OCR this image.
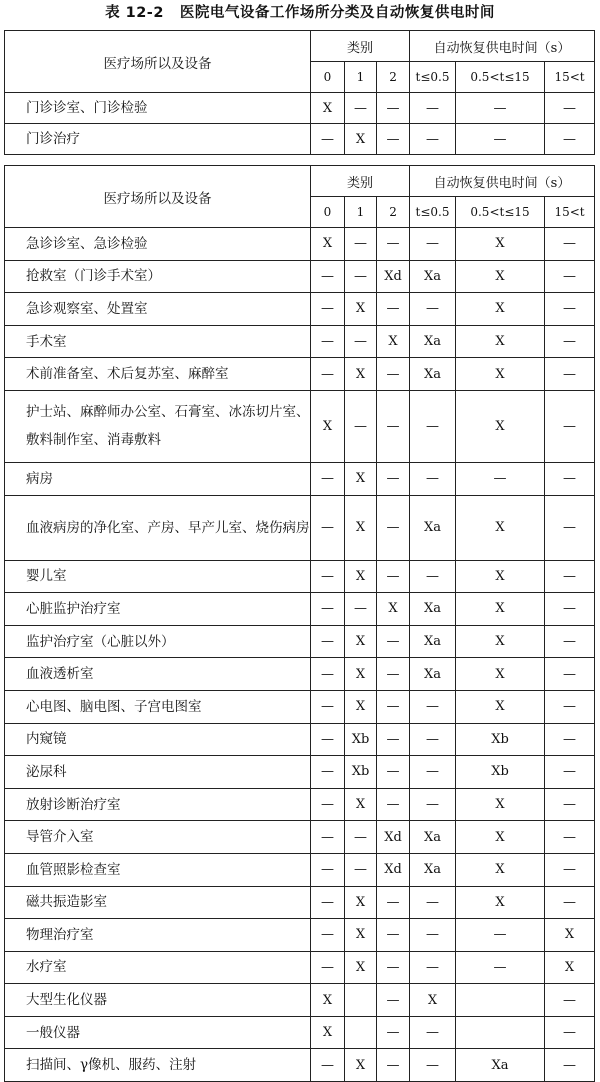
表 12-2 医院电气设备工作场所分类及自动恢复供电时间
医疗场所以及设备	类别			自动恢复供电时间（s）		
	0	1	2	t≤0.5	0.5<t≤15	15<t
门诊诊室、门诊检验	X	—	—	—	—	—
门诊治疗	—	X	—	—	—	—
医疗场所以及设备	类别			自动恢复供电时间（s）		
	0	1	2	t≤0.5	0.5<t≤15	15<t
急诊诊室、急诊检验	X	—	—	—	X	—
抢救室（门诊手术室）	—	—	Xd	Xa	X	—
急诊观察室、处置室	—	X	—	—	X	—
手术室	—	—	X	Xa	X	—
术前准备室、术后复苏室、麻醉室	—	X	—	Xa	X	—
护士站、麻醉师办公室、石膏室、冰冻切片室、敷料制作室、消毒敷料	X	—	—	—	X	—
病房	—	X	—	—	—	—
血液病房的净化室、产房、早产儿室、烧伤病房	—	X	—	Xa	X	—
婴儿室	—	X	—	—	X	—
心脏监护治疗室	—	—	X	Xa	X	—
监护治疗室（心脏以外）	—	X	—	Xa	X	—
血液透析室	—	X	—	Xa	X	—
心电图、脑电图、子宫电图室	—	X	—	—	X	—
内窥镜	—	Xb	—	—	Xb	—
泌尿科	—	Xb	—	—	Xb	—
放射诊断治疗室	—	X	—	—	X	—
导管介入室	—	—	Xd	Xa	X	—
血管照影检查室	—	—	Xd	Xa	X	—
磁共振造影室	—	X	—	—	X	—
物理治疗室	—	X	—	—	—	X
水疗室	—	X	—	—	—	X
大型生化仪器	X		—	X		—
一般仪器	X		—	—		—
扫描间、γ像机、服药、注射	—	X	—	—	Xa	—
